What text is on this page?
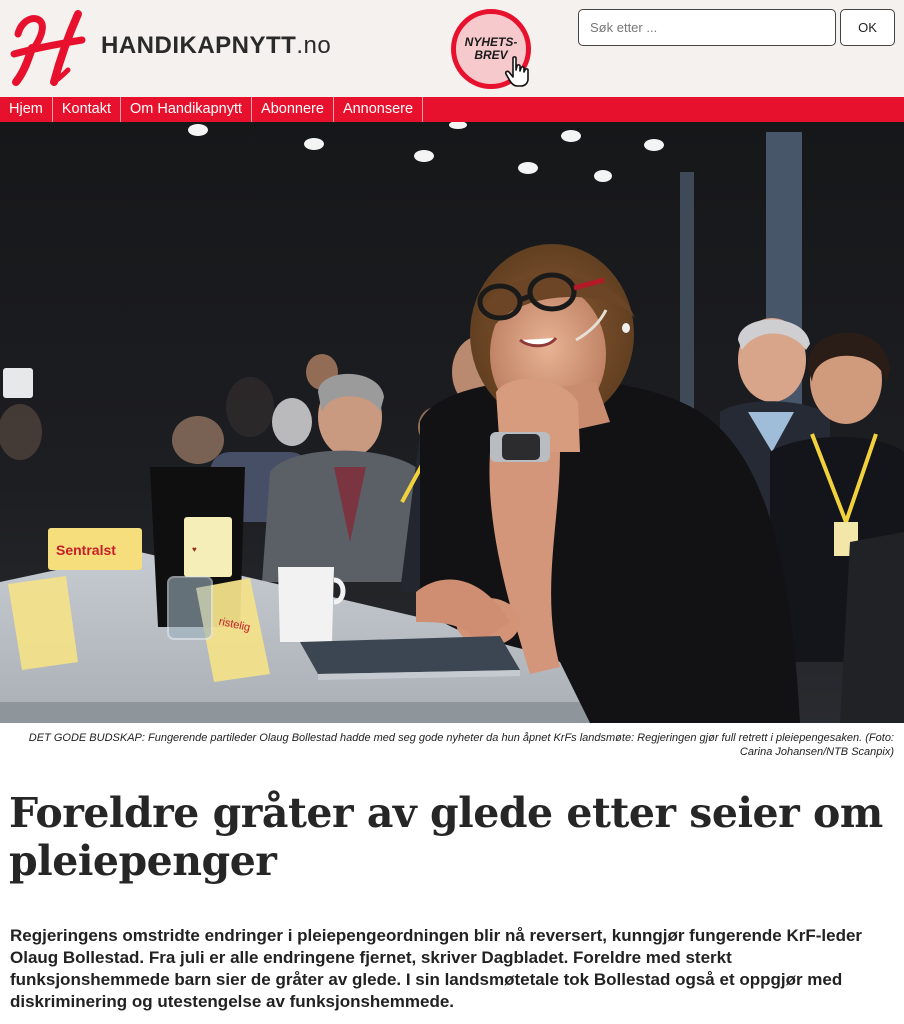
HANDIKAPNYTT.no	NYHETS-
BREV
Søk etter ...
OK
Hjem	Kontakt	Om Handikapnytt	Abonnere	Annonsere
♥
Sentralst
ristelig
DET GODE BUDSKAP: Fungerende partileder Olaug Bollestad hadde med seg gode nyheter da hun åpnet KrFs landsmøte: Regjeringen gjør full retrett i pleiepengesaken. (Foto: Carina Johansen/NTB Scanpix)
Foreldre gråter av glede etter seier om pleiepenger

Regjeringens omstridte endringer i pleiepengeordningen blir nå reversert, kunngjør fungerende KrF-leder Olaug Bollestad. Fra juli er alle endringene fjernet, skriver Dagbladet. Foreldre med sterkt funksjonshemmede barn sier de gråter av glede. I sin landsmøtetale tok Bollestad også et oppgjør med diskriminering og utestengelse av funksjonshemmede.
